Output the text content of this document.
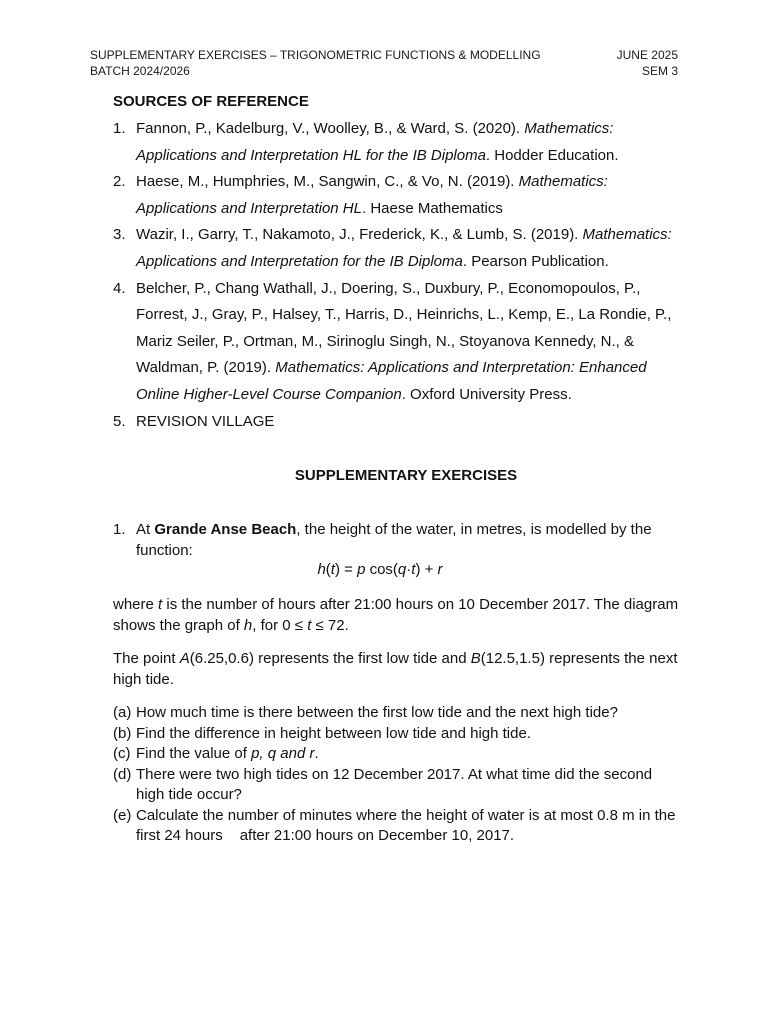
SUPPLEMENTARY EXERCISES – TRIGONOMETRIC FUNCTIONS & MODELLING
BATCH 2024/2026
JUNE 2025
SEM 3
SOURCES OF REFERENCE
1. Fannon, P., Kadelburg, V., Woolley, B., & Ward, S. (2020). Mathematics: Applications and Interpretation HL for the IB Diploma. Hodder Education.
2. Haese, M., Humphries, M., Sangwin, C., & Vo, N. (2019). Mathematics: Applications and Interpretation HL. Haese Mathematics
3. Wazir, I., Garry, T., Nakamoto, J., Frederick, K., & Lumb, S. (2019). Mathematics: Applications and Interpretation for the IB Diploma. Pearson Publication.
4. Belcher, P., Chang Wathall, J., Doering, S., Duxbury, P., Economopoulos, P., Forrest, J., Gray, P., Halsey, T., Harris, D., Heinrichs, L., Kemp, E., La Rondie, P., Mariz Seiler, P., Ortman, M., Sirinoglu Singh, N., Stoyanova Kennedy, N., & Waldman, P. (2019). Mathematics: Applications and Interpretation: Enhanced Online Higher-Level Course Companion. Oxford University Press.
5. REVISION VILLAGE
SUPPLEMENTARY EXERCISES
1. At Grande Anse Beach, the height of the water, in metres, is modelled by the function:
h(t) = p cos(q·t) + r
where t is the number of hours after 21:00 hours on 10 December 2017. The diagram shows the graph of h, for 0 ≤ t ≤ 72.
The point A(6.25,0.6) represents the first low tide and B(12.5,1.5) represents the next high tide.
(a) How much time is there between the first low tide and the next high tide?
(b) Find the difference in height between low tide and high tide.
(c) Find the value of p, q and r.
(d) There were two high tides on 12 December 2017. At what time did the second high tide occur?
(e) Calculate the number of minutes where the height of water is at most 0.8 m in the first 24 hours after 21:00 hours on December 10, 2017.
